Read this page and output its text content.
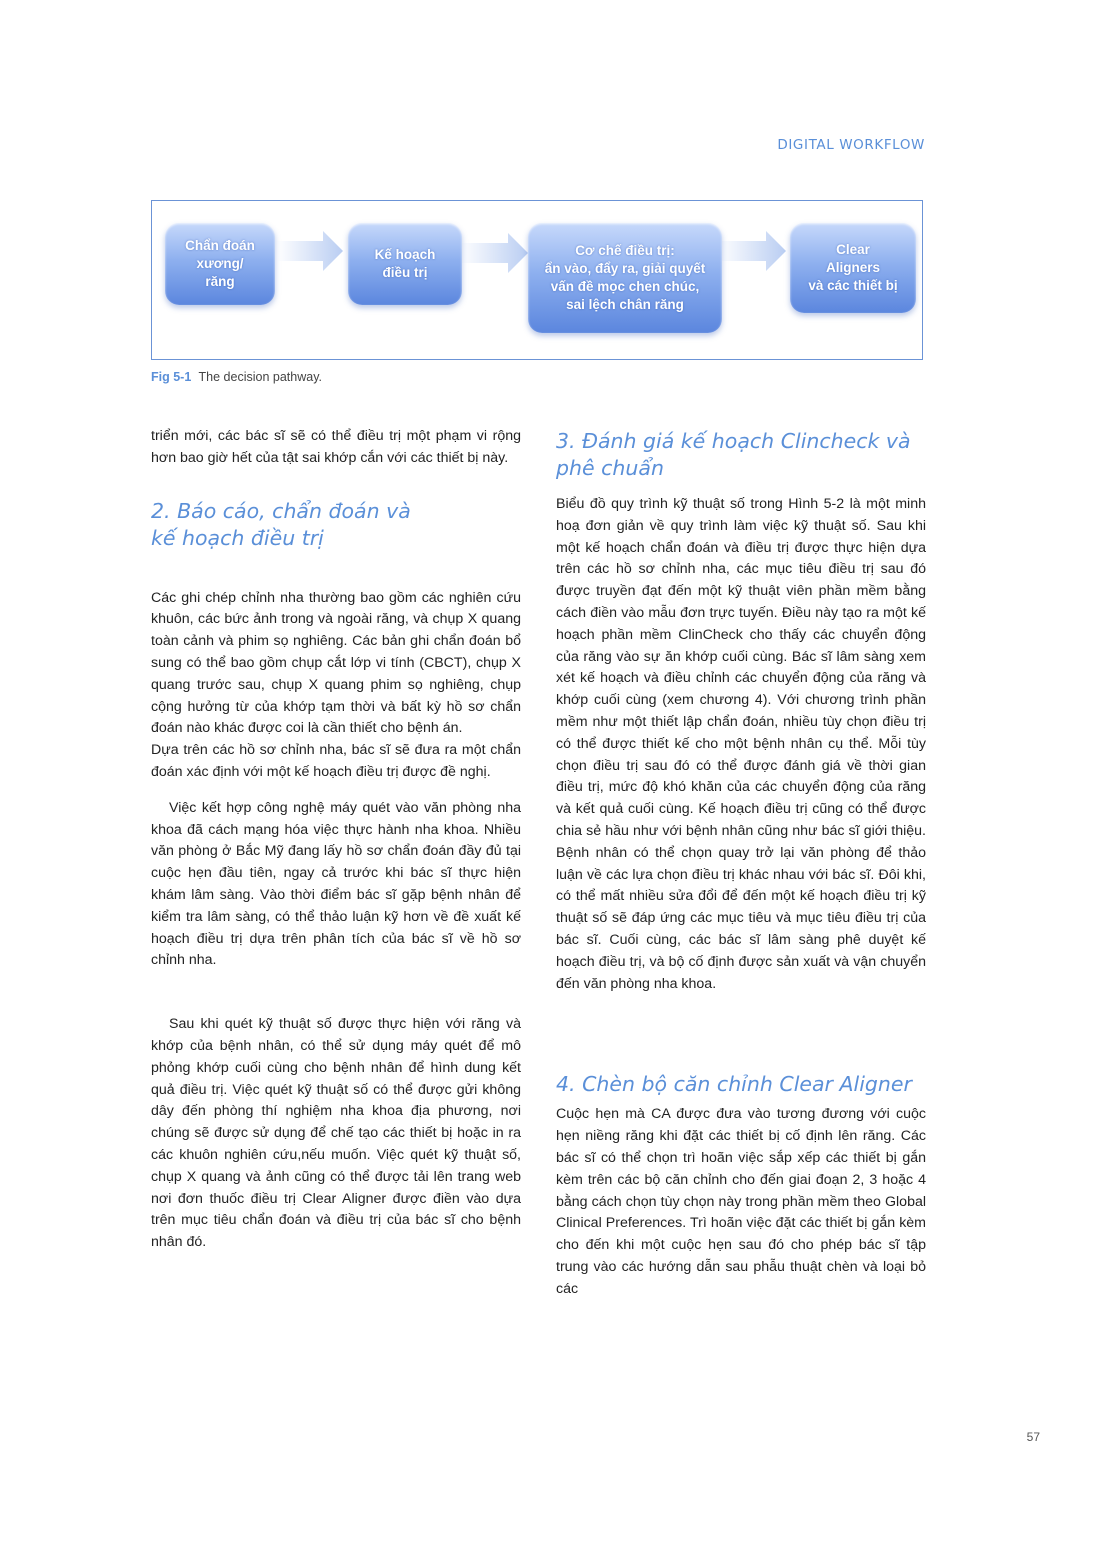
DIGITAL WORKFLOW
Chẩn đoán
xương/
răng
Kế hoạch
điều trị
Cơ chế điều trị:
ẩn vào, đẩy ra, giải quyết
vấn đề mọc chen chúc,
sai lệch chân răng
Clear
Aligners
và các thiết bị
Fig 5-1 The decision pathway.

triển mới, các bác sĩ sẽ có thể điều trị một phạm vi rộng hơn bao giờ hết của tật sai khớp cắn với các thiết bị này.

2. Báo cáo, chẩn đoán và
kế hoạch điều trị

Các ghi chép chỉnh nha thường bao gồm các nghiên cứu khuôn, các bức ảnh trong và ngoài răng, và chụp X quang toàn cảnh và phim sọ nghiêng. Các bản ghi chẩn đoán bổ sung có thể bao gồm chụp cắt lớp vi tính (CBCT), chụp X quang trước sau, chụp X quang phim sọ nghiêng, chụp cộng hưởng từ của khớp tạm thời và bất kỳ hồ sơ chẩn đoán nào khác được coi là cần thiết cho bệnh án.

Dựa trên các hồ sơ chỉnh nha, bác sĩ sẽ đưa ra một chẩn đoán xác định với một kế hoạch điều trị được đề nghị.

Việc kết hợp công nghệ máy quét vào văn phòng nha khoa đã cách mạng hóa việc thực hành nha khoa. Nhiều văn phòng ở Bắc Mỹ đang lấy hồ sơ chẩn đoán đầy đủ tại cuộc hẹn đầu tiên, ngay cả trước khi bác sĩ thực hiện khám lâm sàng. Vào thời điểm bác sĩ gặp bệnh nhân để kiểm tra lâm sàng, có thể thảo luận kỹ hơn về đề xuất kế hoạch điều trị dựa trên phân tích của bác sĩ về hồ sơ chỉnh nha.

Sau khi quét kỹ thuật số được thực hiện với răng và khớp của bệnh nhân, có thể sử dụng máy quét để mô phỏng khớp cuối cùng cho bệnh nhân để hình dung kết quả điều trị. Việc quét kỹ thuật số có thể được gửi không dây đến phòng thí nghiệm nha khoa địa phương, nơi chúng sẽ được sử dụng để chế tạo các thiết bị hoặc in ra các khuôn nghiên cứu,nếu muốn. Việc quét kỹ thuật số, chụp X quang và ảnh cũng có thể được tải lên trang web nơi đơn thuốc điều trị Clear Aligner được điền vào dựa trên mục tiêu chẩn đoán và điều trị của bác sĩ cho bệnh nhân đó.

3. Đánh giá kế hoạch Clincheck và
phê chuẩn

Biểu đồ quy trình kỹ thuật số trong Hình 5-2 là một minh hoạ đơn giản về quy trình làm việc kỹ thuật số. Sau khi một kế hoạch chẩn đoán và điều trị được thực hiện dựa trên các hồ sơ chỉnh nha, các mục tiêu điều trị sau đó được truyền đạt đến một kỹ thuật viên phần mềm bằng cách điền vào mẫu đơn trực tuyến. Điều này tạo ra một kế hoạch phần mềm ClinCheck cho thấy các chuyển động của răng vào sự ăn khớp cuối cùng. Bác sĩ lâm sàng xem xét kế hoạch và điều chỉnh các chuyển động của răng và khớp cuối cùng (xem chương 4). Với chương trình phần mềm như một thiết lập chẩn đoán, nhiều tùy chọn điều trị có thể được thiết kế cho một bệnh nhân cụ thể. Mỗi tùy chọn điều trị sau đó có thể được đánh giá về thời gian điều trị, mức độ khó khăn của các chuyển động của răng và kết quả cuối cùng. Kế hoạch điều trị cũng có thể được chia sẻ hầu như với bệnh nhân cũng như bác sĩ giới thiệu. Bệnh nhân có thể chọn quay trở lại văn phòng để thảo luận về các lựa chọn điều trị khác nhau với bác sĩ. Đôi khi, có thể mất nhiều sửa đổi để đến một kế hoạch điều trị kỹ thuật số sẽ đáp ứng các mục tiêu và mục tiêu điều trị của bác sĩ. Cuối cùng, các bác sĩ lâm sàng phê duyệt kế hoạch điều trị, và bộ cố định được sản xuất và vận chuyển đến văn phòng nha khoa.

4. Chèn bộ căn chỉnh Clear Aligner

Cuộc hẹn mà CA được đưa vào tương đương với cuộc hẹn niềng răng khi đặt các thiết bị cố định lên răng. Các bác sĩ có thể chọn trì hoãn việc sắp xếp các thiết bị gắn kèm trên các bộ căn chỉnh cho đến giai đoạn 2, 3 hoặc 4 bằng cách chọn tùy chọn này trong phần mềm theo Global Clinical Preferences. Trì hoãn việc đặt các thiết bị gắn kèm cho đến khi một cuộc hẹn sau đó cho phép bác sĩ tập trung vào các hướng dẫn sau phẫu thuật chèn và loại bỏ các

57
